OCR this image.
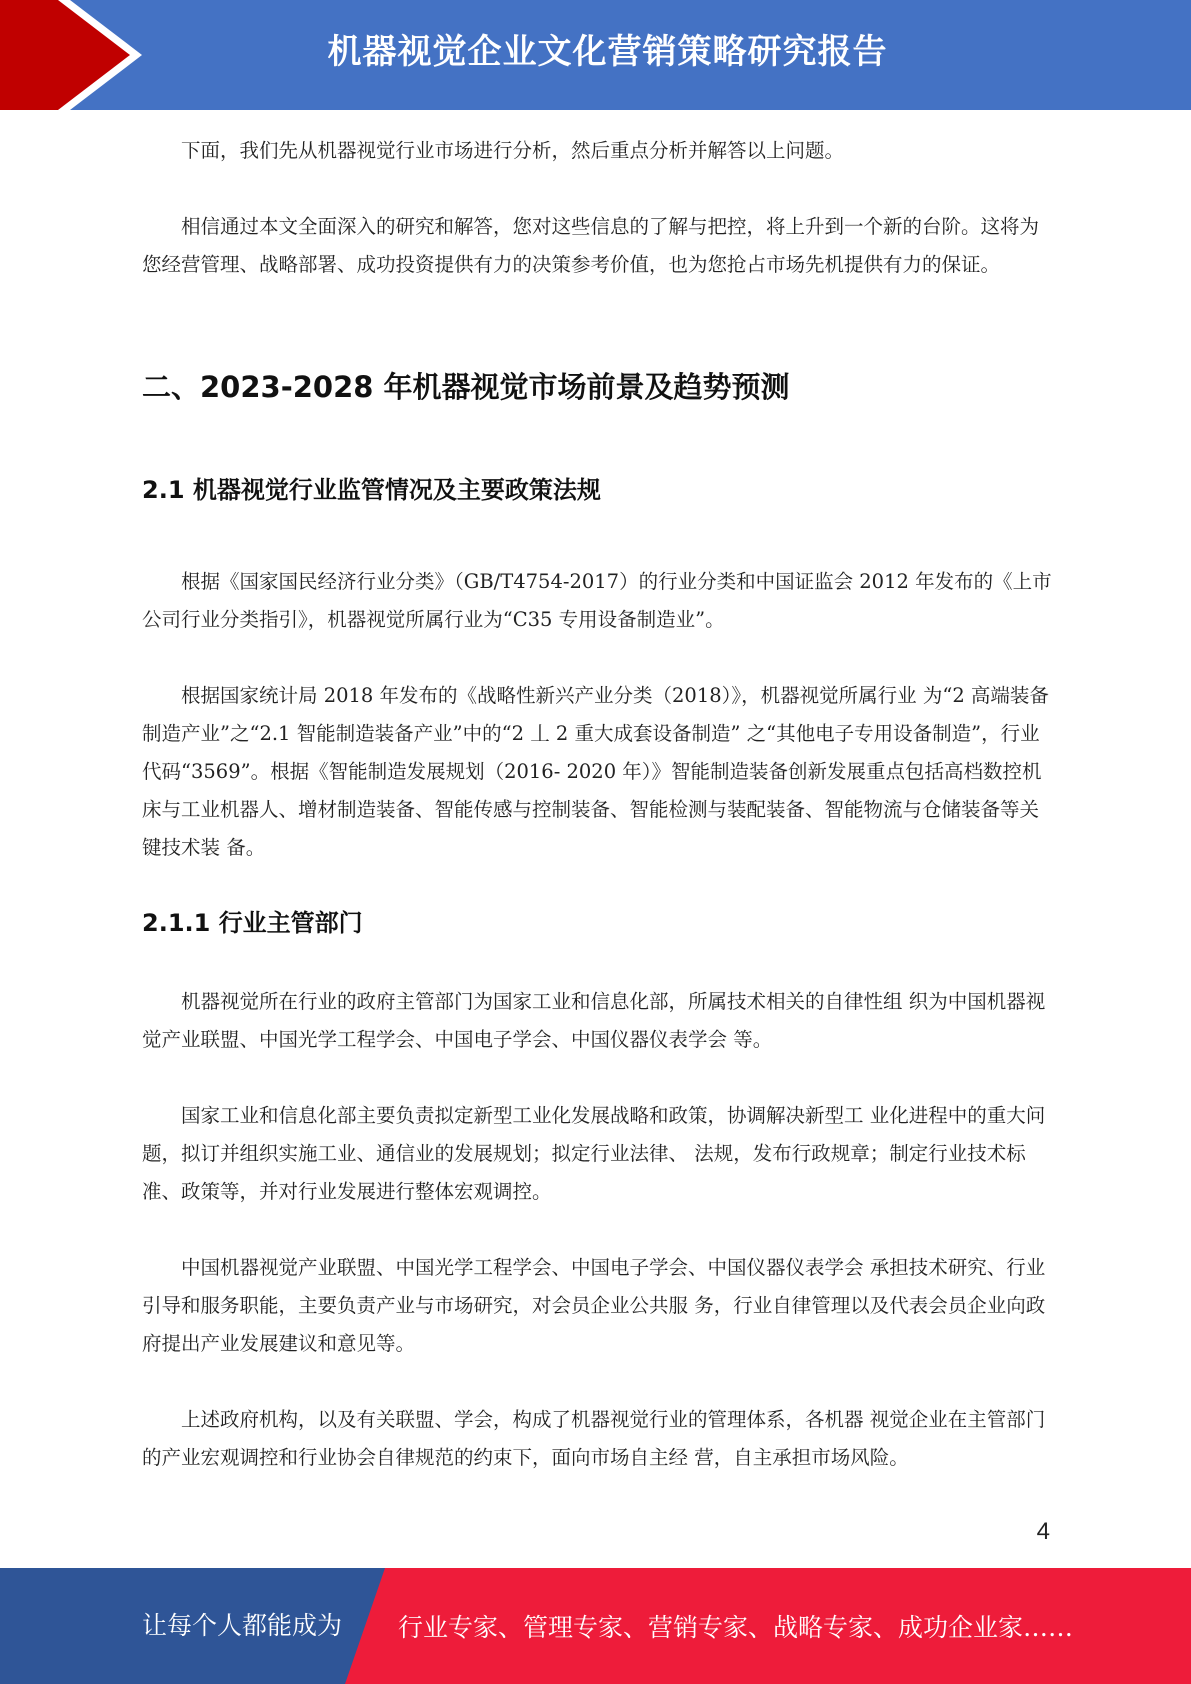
机器视觉企业文化营销策略研究报告

下面，我们先从机器视觉行业市场进行分析，然后重点分析并解答以上问题。

相信通过本文全面深入的研究和解答，您对这些信息的了解与把控，将上升到一个新的台阶。这将为您经营管理、战略部署、成功投资提供有力的决策参考价值，也为您抢占市场先机提供有力的保证。

二、2023-2028 年机器视觉市场前景及趋势预测
2.1 机器视觉行业监管情况及主要政策法规

根据《国家国民经济行业分类》（GB/T4754-2017）的行业分类和中国证监会 2012 年发布的《上市公司行业分类指引》，机器视觉所属行业为“C35 专用设备制造业”。

根据国家统计局 2018 年发布的《战略性新兴产业分类（2018）》，机器视觉所属行业 为“2 高端装备制造产业”之“2.1 智能制造装备产业”中的“2 丄 2 重大成套设备制造” 之“其他电子专用设备制造”，行业代码“3569”。根据《智能制造发展规划（2016- 2020 年）》智能制造装备创新发展重点包括高档数控机床与工业机器人、增材制造装备、智能传感与控制装备、智能检测与装配装备、智能物流与仓储装备等关键技术装 备。

2.1.1 行业主管部门

机器视觉所在行业的政府主管部门为国家工业和信息化部，所属技术相关的自律性组 织为中国机器视觉产业联盟、中国光学工程学会、中国电子学会、中国仪器仪表学会 等。

国家工业和信息化部主要负责拟定新型工业化发展战略和政策，协调解决新型工 业化进程中的重大问题，拟订并组织实施工业、通信业的发展规划；拟定行业法律、 法规，发布行政规章；制定行业技术标准、政策等，并对行业发展进行整体宏观调控。

中国机器视觉产业联盟、中国光学工程学会、中国电子学会、中国仪器仪表学会 承担技术研究、行业引导和服务职能，主要负责产业与市场研究，对会员企业公共服 务，行业自律管理以及代表会员企业向政府提出产业发展建议和意见等。

上述政府机构，以及有关联盟、学会，构成了机器视觉行业的管理体系，各机器 视觉企业在主管部门的产业宏观调控和行业协会自律规范的约束下，面向市场自主经 营，自主承担市场风险。

4
让每个人都能成为 行业专家、管理专家、营销专家、战略专家、成功企业家……
